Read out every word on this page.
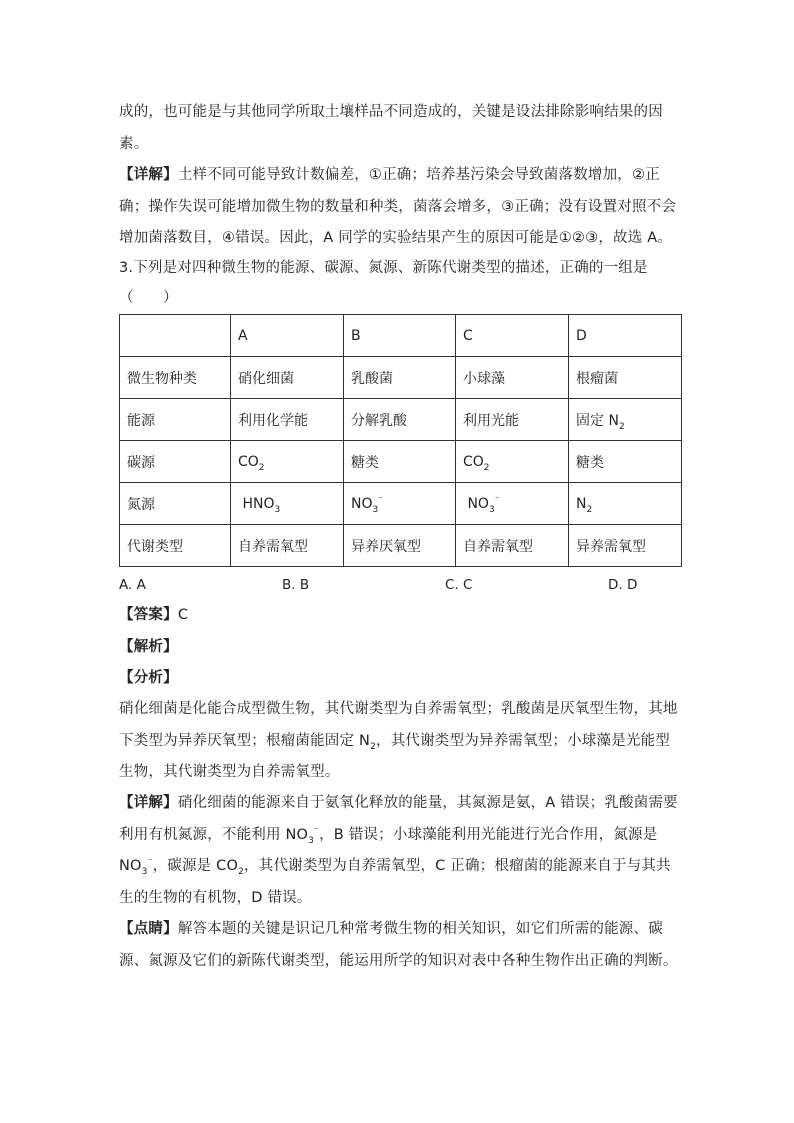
成的，也可能是与其他同学所取土壤样品不同造成的，关键是设法排除影响结果的因素。

【详解】土样不同可能导致计数偏差，①正确；培养基污染会导致菌落数增加，②正确；操作失误可能增加微生物的数量和种类，菌落会增多，③正确；没有设置对照不会增加菌落数目，④错误。因此，A 同学的实验结果产生的原因可能是①②③，故选 A。

3.下列是对四种微生物的能源、碳源、氮源、新陈代谢类型的描述，正确的一组是

（　　）

	A	B	C	D
微生物种类	硝化细菌	乳酸菌	小球藻	根瘤菌
能源	利用化学能	分解乳酸	利用光能	固定 $N_2$
碳源	$CO_2$	糖类	$CO_2$	糖类
氮源	$HNO_3$	$NO_3^{^-}$	$NO_3^{^-}$	$N_2$
代谢类型	自养需氧型	异养厌氧型	自养需氧型	异养需氧型
A. A	B. B	C. C	D. D

【答案】C

【解析】

【分析】

硝化细菌是化能合成型微生物，其代谢类型为自养需氧型；乳酸菌是厌氧型生物，其地下类型为异养厌氧型；根瘤菌能固定 $N_2$，其代谢类型为异养需氧型；小球藻是光能型生物，其代谢类型为自养需氧型。

【详解】硝化细菌的能源来自于氨氧化释放的能量，其氮源是氨，A 错误；乳酸菌需要利用有机氮源，不能利用 $NO_3^{^-}$，B 错误；小球藻能利用光能进行光合作用，氮源是 $NO_3^{^-}$，碳源是 $CO_2$，其代谢类型为自养需氧型，C 正确；根瘤菌的能源来自于与其共生的生物的有机物，D 错误。

【点睛】解答本题的关键是识记几种常考微生物的相关知识，如它们所需的能源、碳源、氮源及它们的新陈代谢类型，能运用所学的知识对表中各种生物作出正确的判断。
